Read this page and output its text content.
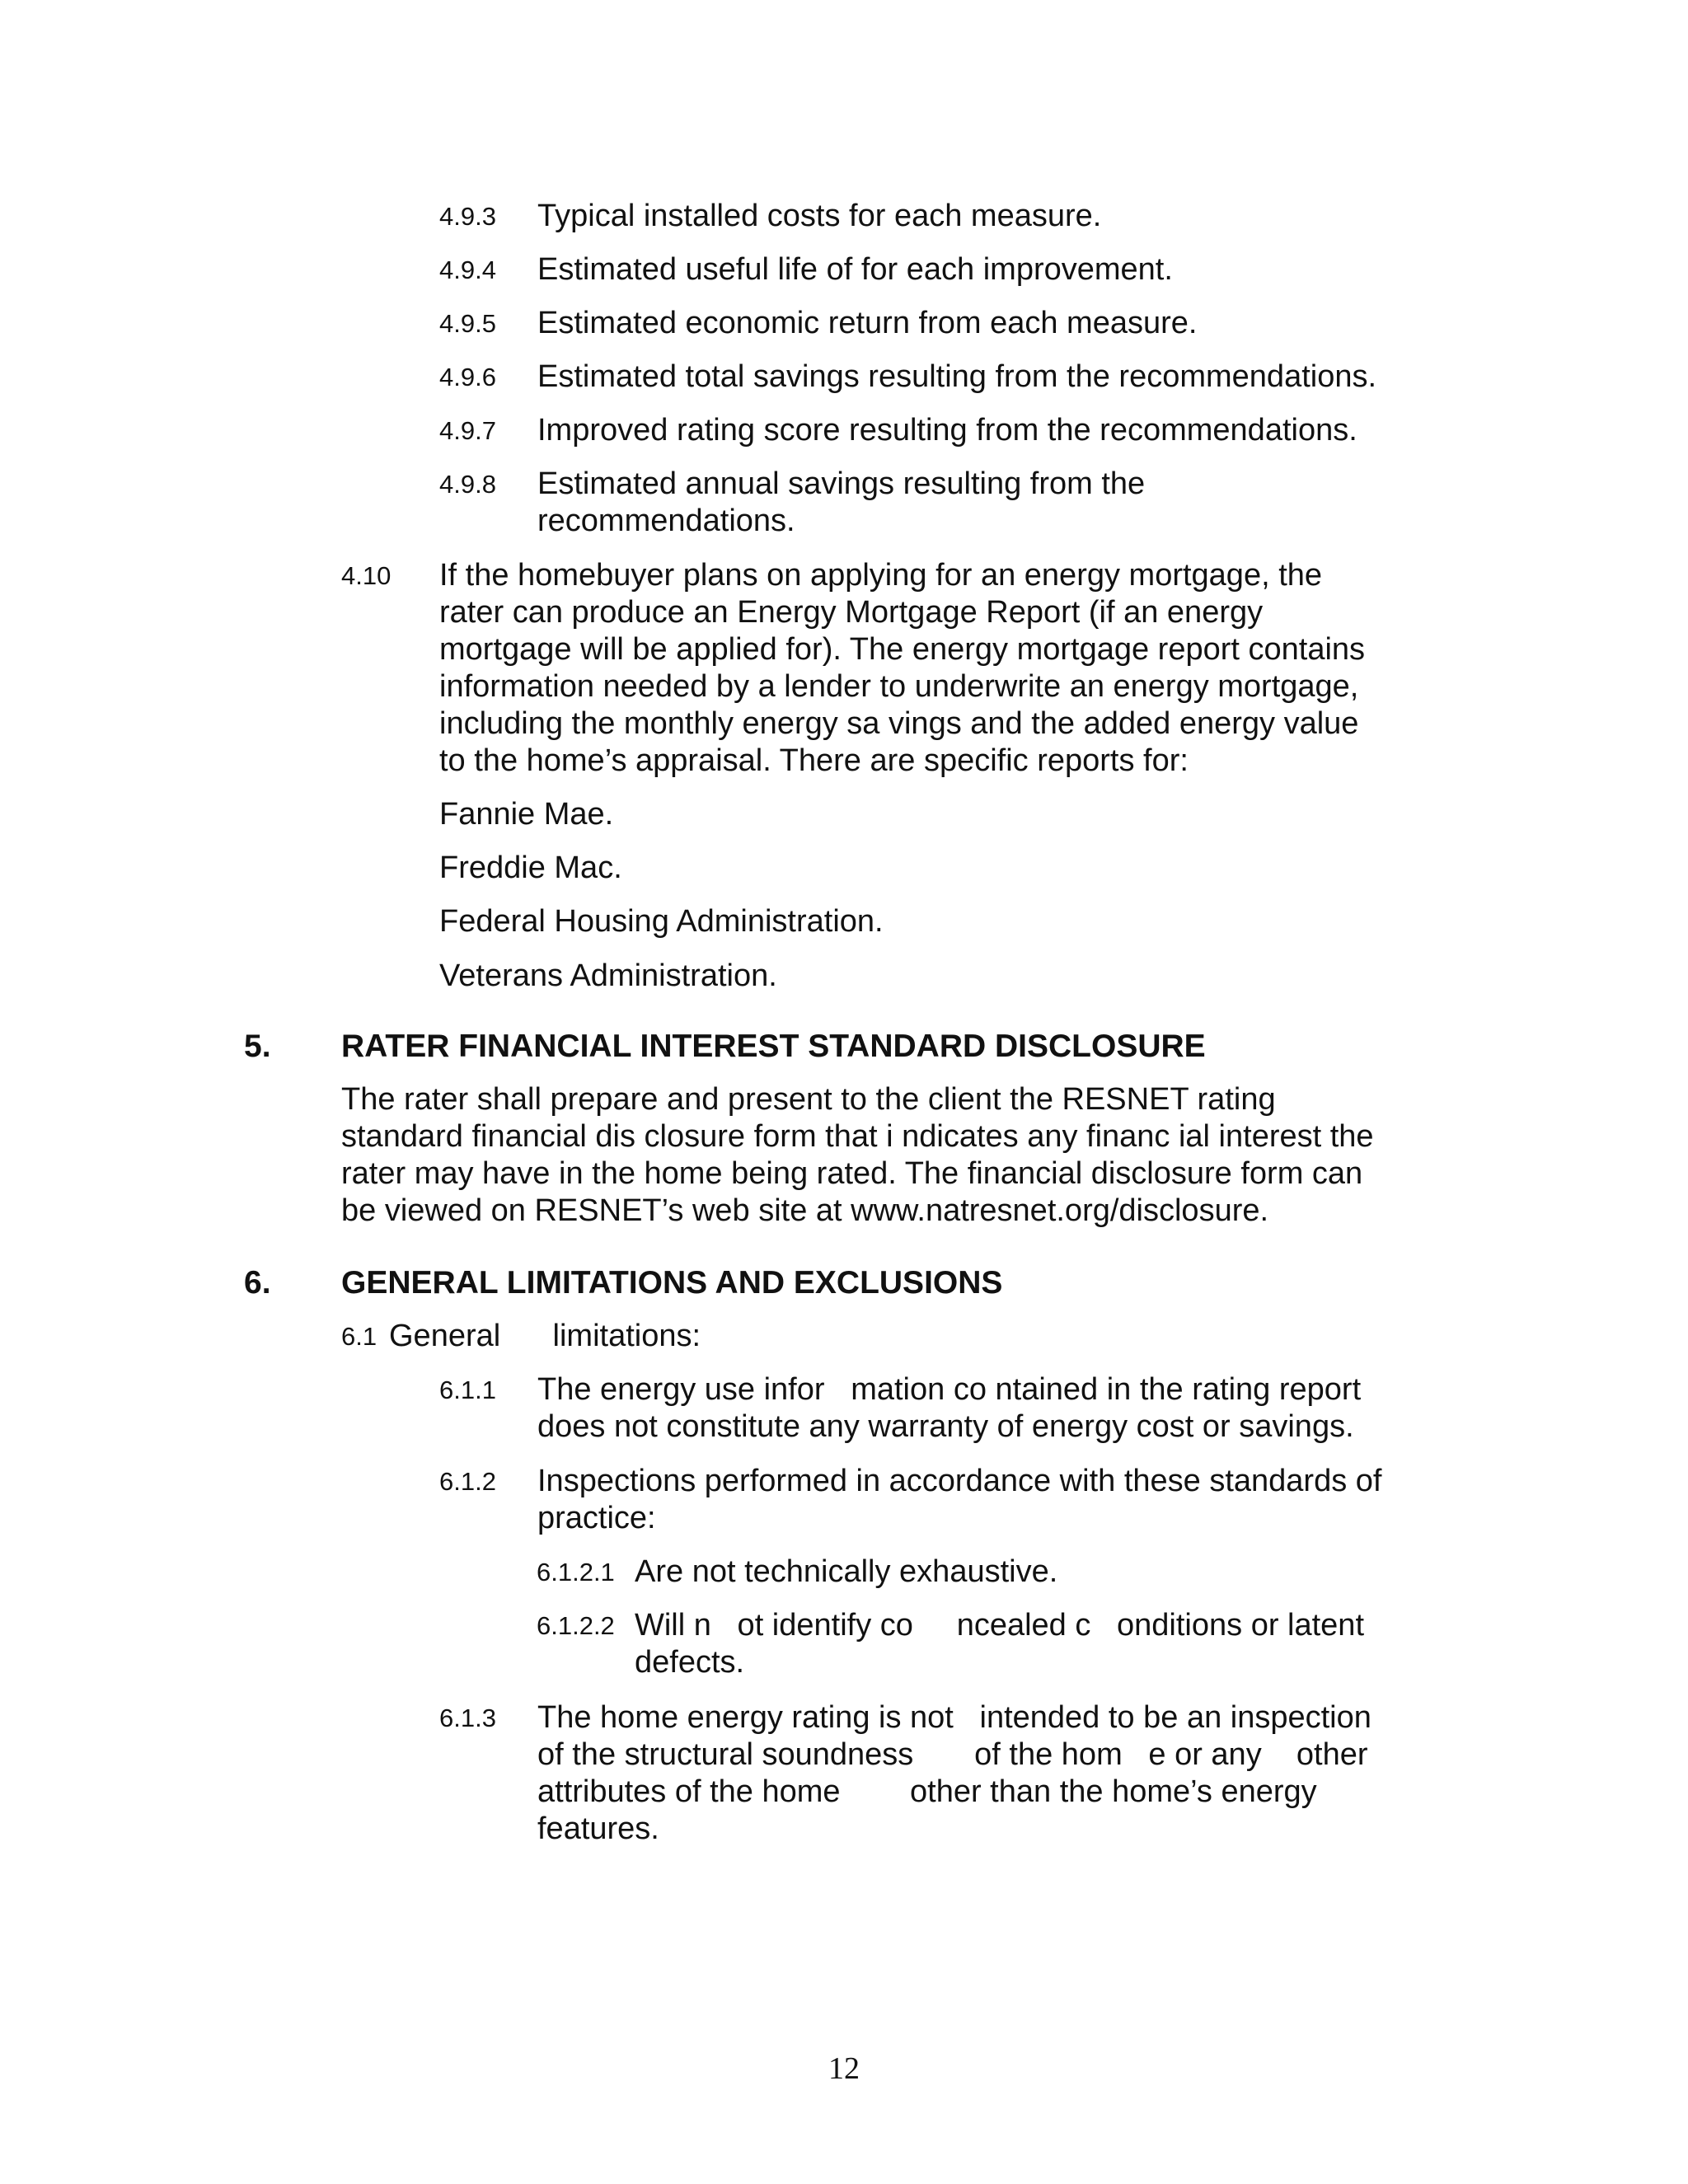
4.9.3 Typical installed costs for each measure.
4.9.4 Estimated useful life of for each improvement.
4.9.5 Estimated economic return from each measure.
4.9.6 Estimated total savings resulting from the recommendations.
4.9.7 Improved rating score resulting from the recommendations.
4.9.8 Estimated annual savings resulting from the
recommendations.
4.10 If the homebuyer plans on applying for an energy mortgage, the
rater can produce an Energy Mortgage Report (if an energy
mortgage will be applied for). The energy mortgage report contains
information needed by a lender to underwrite an energy mortgage,
including the monthly energy sa vings and the added energy value
to the home’s appraisal. There are specific reports for:
Fannie Mae.
Freddie Mac.
Federal Housing Administration.
Veterans Administration.
5. RATER FINANCIAL INTEREST STANDARD DISCLOSURE
The rater shall prepare and present to the client the RESNET rating
standard financial dis closure form that i ndicates any financ ial interest the
rater may have in the home being rated. The financial disclosure form can
be viewed on RESNET’s web site at www.natresnet.org/disclosure.
6. GENERAL LIMITATIONS AND EXCLUSIONS
6.1 General      limitations:
6.1.1 The energy use infor   mation co ntained in the rating report
does not constitute any warranty of energy cost or savings.
6.1.2 Inspections performed in accordance with these standards of
practice:
6.1.2.1 Are not technically exhaustive.
6.1.2.2 Will n   ot identify co     ncealed c   onditions or latent
defects.
6.1.3 The home energy rating is not   intended to be an inspection
of the structural soundness       of the hom   e or any    other
attributes of the home        other than the home’s energy
features.
12
